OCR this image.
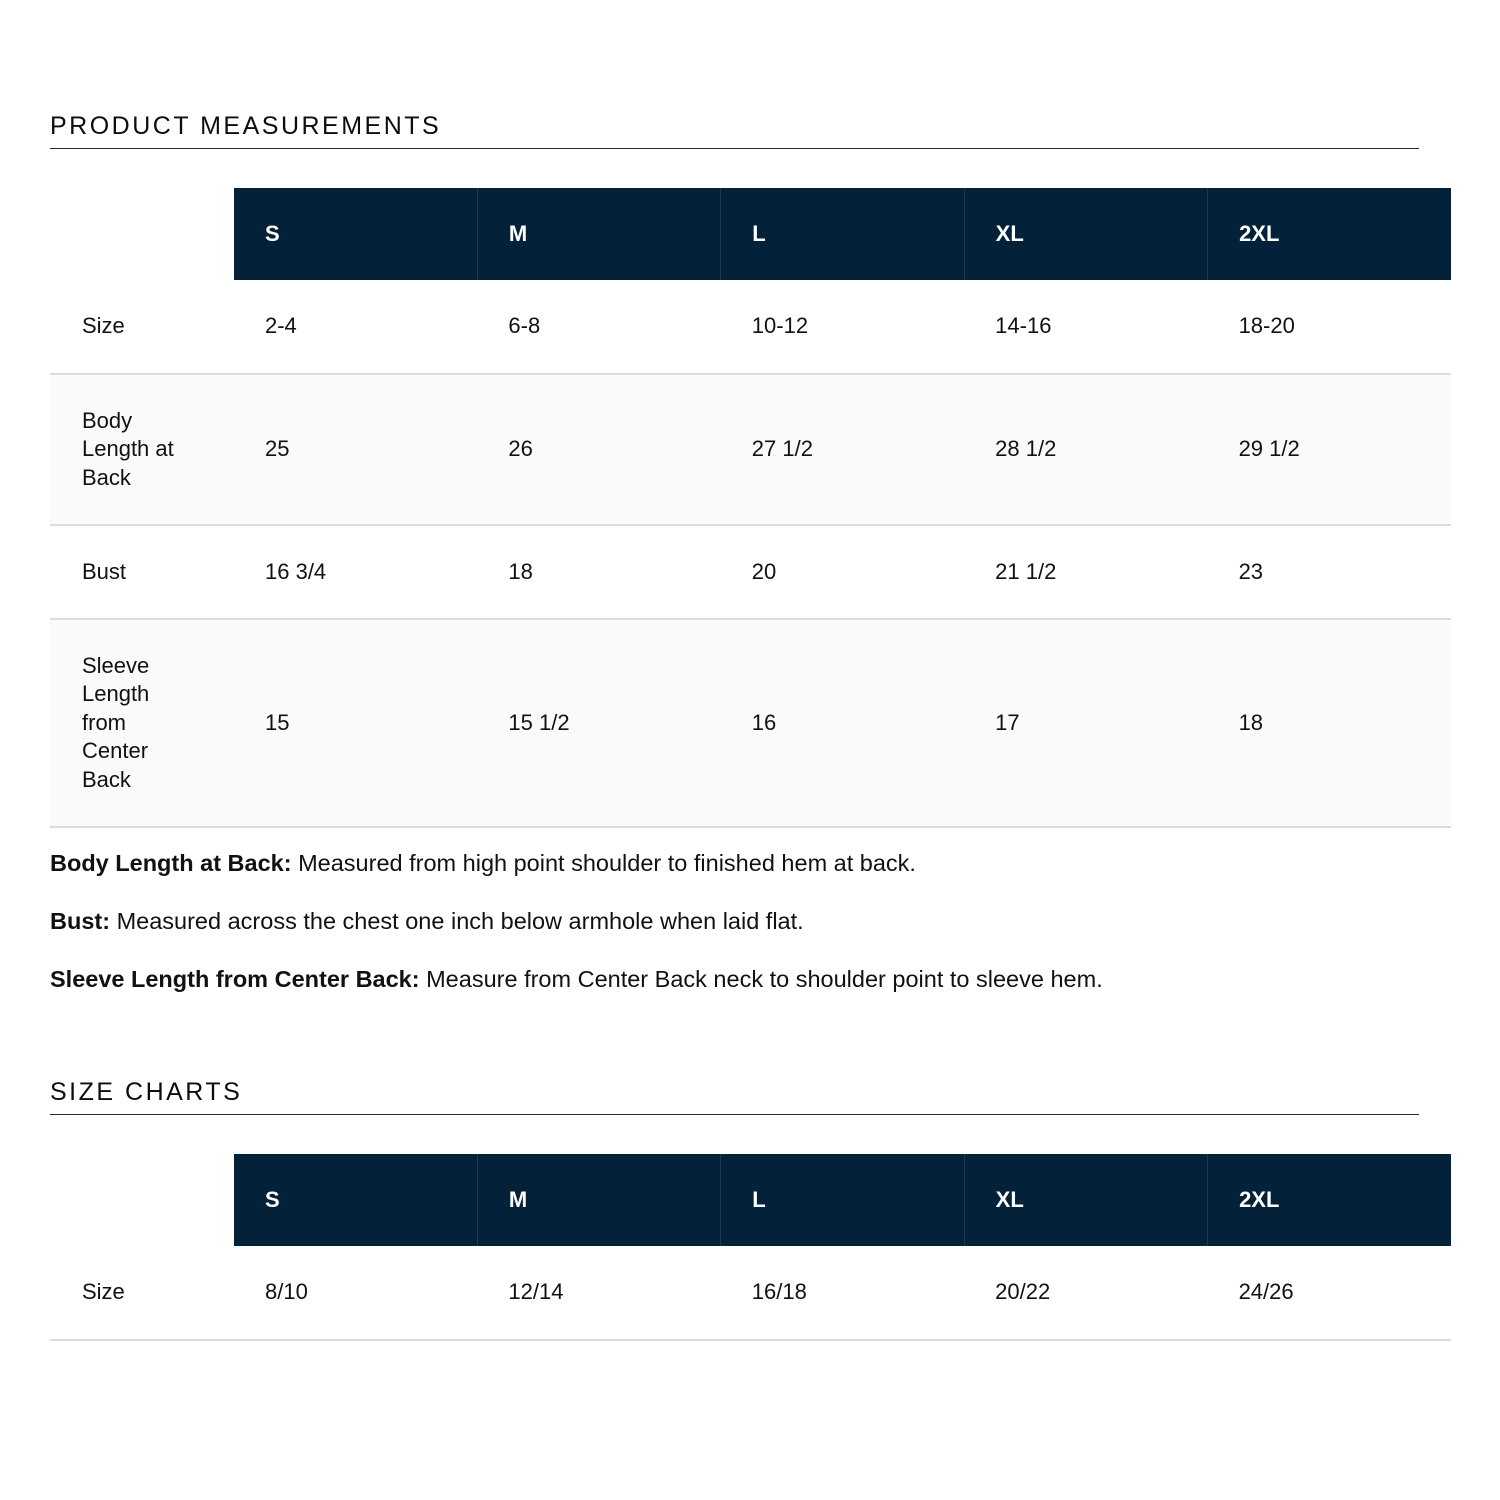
PRODUCT MEASUREMENTS
	S	M	L	XL	2XL
Size	2-4	6-8	10-12	14-16	18-20
Body Length at Back	25	26	27 1/2	28 1/2	29 1/2
Bust	16 3/4	18	20	21 1/2	23
Sleeve Length from Center Back	15	15 1/2	16	17	18

Body Length at Back: Measured from high point shoulder to finished hem at back.

Bust: Measured across the chest one inch below armhole when laid flat.

Sleeve Length from Center Back: Measure from Center Back neck to shoulder point to sleeve hem.

SIZE CHARTS
	S	M	L	XL	2XL
Size	8/10	12/14	16/18	20/22	24/26
